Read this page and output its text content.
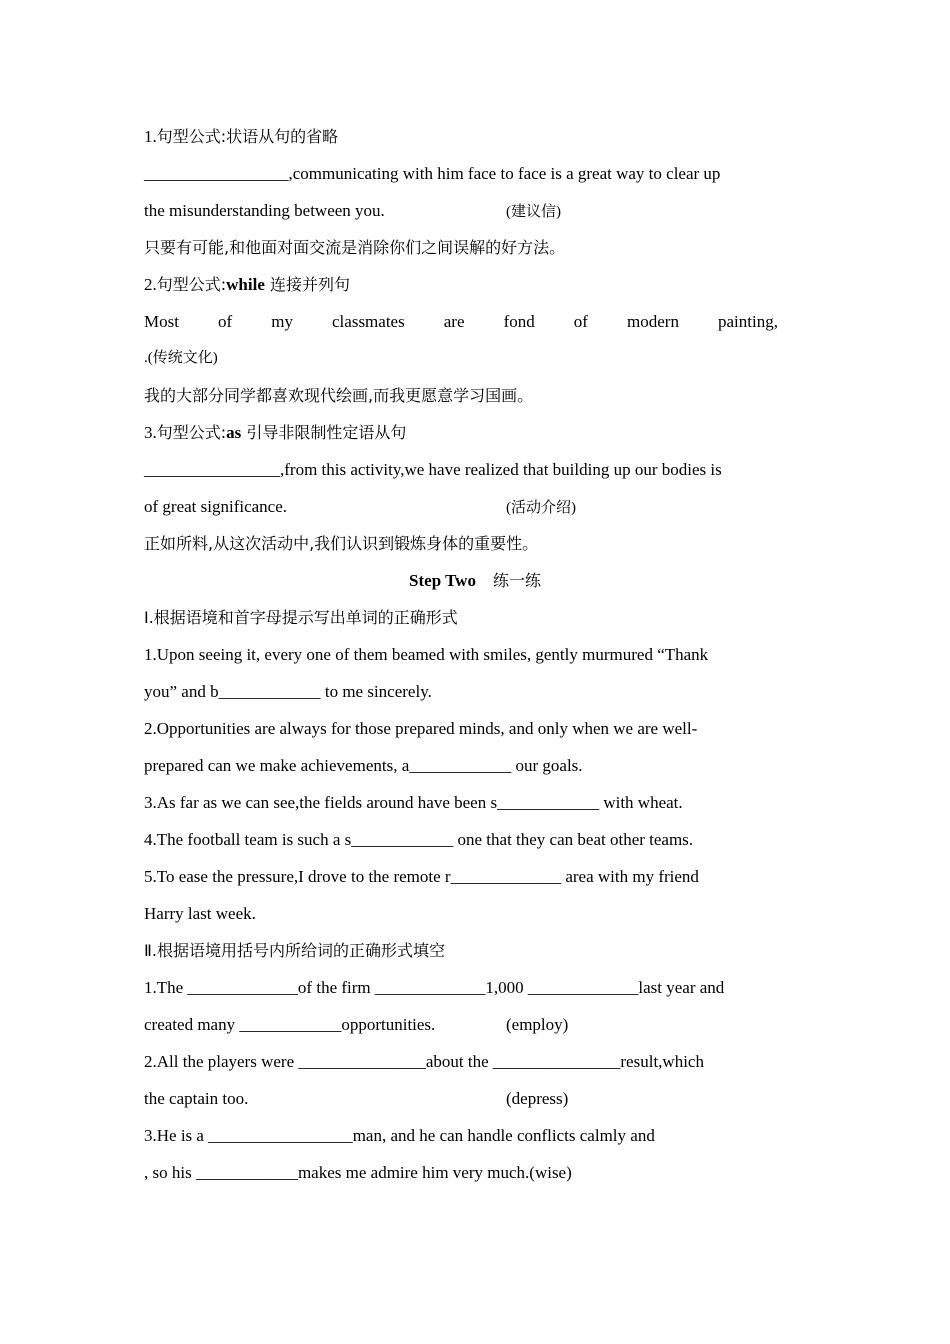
1.句型公式:状语从句的省略
_________________,communicating with him face to face is a great way to clear up
the misunderstanding between you.	(建议信)
只要有可能,和他面对面交流是消除你们之间误解的好方法。
2.句型公式:while 连接并列句
Most of my classmates are fond of modern painting,
.(传统文化)
我的大部分同学都喜欢现代绘画,而我更愿意学习国画。
3.句型公式:as 引导非限制性定语从句
________________,from this activity,we have realized that building up our bodies is
of great significance.	(活动介绍)
正如所料,从这次活动中,我们认识到锻炼身体的重要性。
Step Two 练一练
Ⅰ.根据语境和首字母提示写出单词的正确形式
1.Upon seeing it, every one of them beamed with smiles, gently murmured “Thank
you” and b____________ to me sincerely.
2.Opportunities are always for those prepared minds, and only when we are well-
prepared can we make achievements, a____________ our goals.
3.As far as we can see,the fields around have been s____________ with wheat.
4.The football team is such a s____________ one that they can beat other teams.
5.To ease the pressure,I drove to the remote r_____________ area with my friend
Harry last week.
Ⅱ.根据语境用括号内所给词的正确形式填空
1.The _____________of the firm _____________1,000 _____________last year and
created many ____________opportunities.	(employ)
2.All the players were _______________about the _______________result,which
the captain too.	(depress)
3.He is a _________________man, and he can handle conflicts calmly and
, so his ____________makes me admire him very much.(wise)
